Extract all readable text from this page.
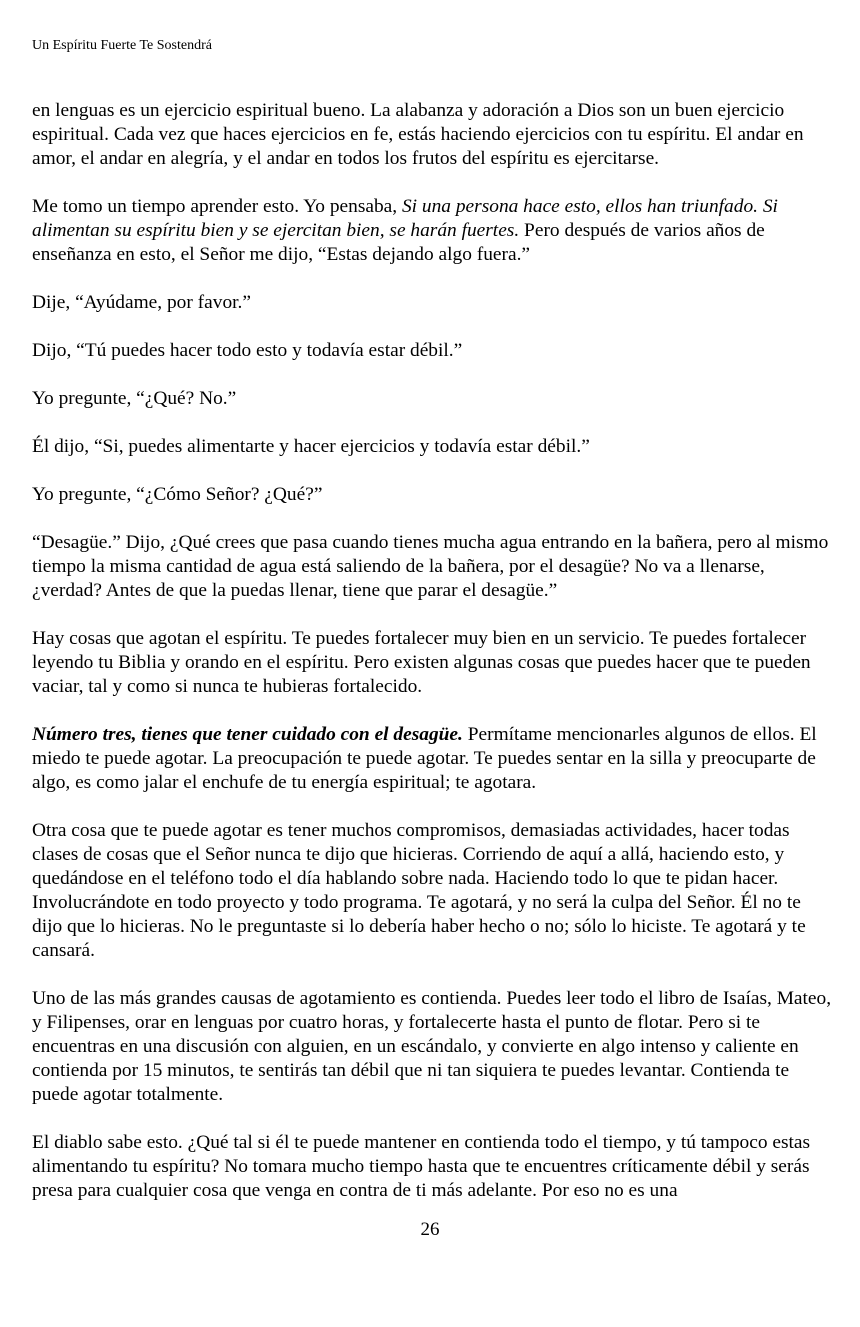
Un Espíritu Fuerte Te Sostendrá

en lenguas es un ejercicio espiritual bueno. La alabanza y adoración a Dios son un buen ejercicio espiritual. Cada vez que haces ejercicios en fe, estás haciendo ejercicios con tu espíritu. El andar en amor, el andar en alegría, y el andar en todos los frutos del espíritu es ejercitarse.

Me tomo un tiempo aprender esto. Yo pensaba, Si una persona hace esto, ellos han triunfado. Si alimentan su espíritu bien y se ejercitan bien, se harán fuertes. Pero después de varios años de enseñanza en esto, el Señor me dijo, “Estas dejando algo fuera.”

Dije, “Ayúdame, por favor.”

Dijo, “Tú puedes hacer todo esto y todavía estar débil.”

Yo pregunte, “¿Qué? No.”

Él dijo, “Si, puedes alimentarte y hacer ejercicios y todavía estar débil.”

Yo pregunte, “¿Cómo Señor? ¿Qué?”

“Desagüe.” Dijo, ¿Qué crees que pasa cuando tienes mucha agua entrando en la bañera, pero al mismo tiempo la misma cantidad de agua está saliendo de la bañera, por el desagüe? No va a llenarse, ¿verdad? Antes de que la puedas llenar, tiene que parar el desagüe.”

Hay cosas que agotan el espíritu. Te puedes fortalecer muy bien en un servicio. Te puedes fortalecer leyendo tu Biblia y orando en el espíritu. Pero existen algunas cosas que puedes hacer que te pueden vaciar, tal y como si nunca te hubieras fortalecido.

Número tres, tienes que tener cuidado con el desagüe. Permítame mencionarles algunos de ellos. El miedo te puede agotar. La preocupación te puede agotar. Te puedes sentar en la silla y preocuparte de algo, es como jalar el enchufe de tu energía espiritual; te agotara.

Otra cosa que te puede agotar es tener muchos compromisos, demasiadas actividades, hacer todas clases de cosas que el Señor nunca te dijo que hicieras. Corriendo de aquí a allá, haciendo esto, y quedándose en el teléfono todo el día hablando sobre nada. Haciendo todo lo que te pidan hacer. Involucrándote en todo proyecto y todo programa. Te agotará, y no será la culpa del Señor. Él no te dijo que lo hicieras. No le preguntaste si lo debería haber hecho o no; sólo lo hiciste. Te agotará y te cansará.

Uno de las más grandes causas de agotamiento es contienda. Puedes leer todo el libro de Isaías, Mateo, y Filipenses, orar en lenguas por cuatro horas, y fortalecerte hasta el punto de flotar. Pero si te encuentras en una discusión con alguien, en un escándalo, y convierte en algo intenso y caliente en contienda por 15 minutos, te sentirás tan débil que ni tan siquiera te puedes levantar. Contienda te puede agotar totalmente.

El diablo sabe esto. ¿Qué tal si él te puede mantener en contienda todo el tiempo, y tú tampoco estas alimentando tu espíritu? No tomara mucho tiempo hasta que te encuentres críticamente débil y serás presa para cualquier cosa que venga en contra de ti más adelante. Por eso no es una

26
